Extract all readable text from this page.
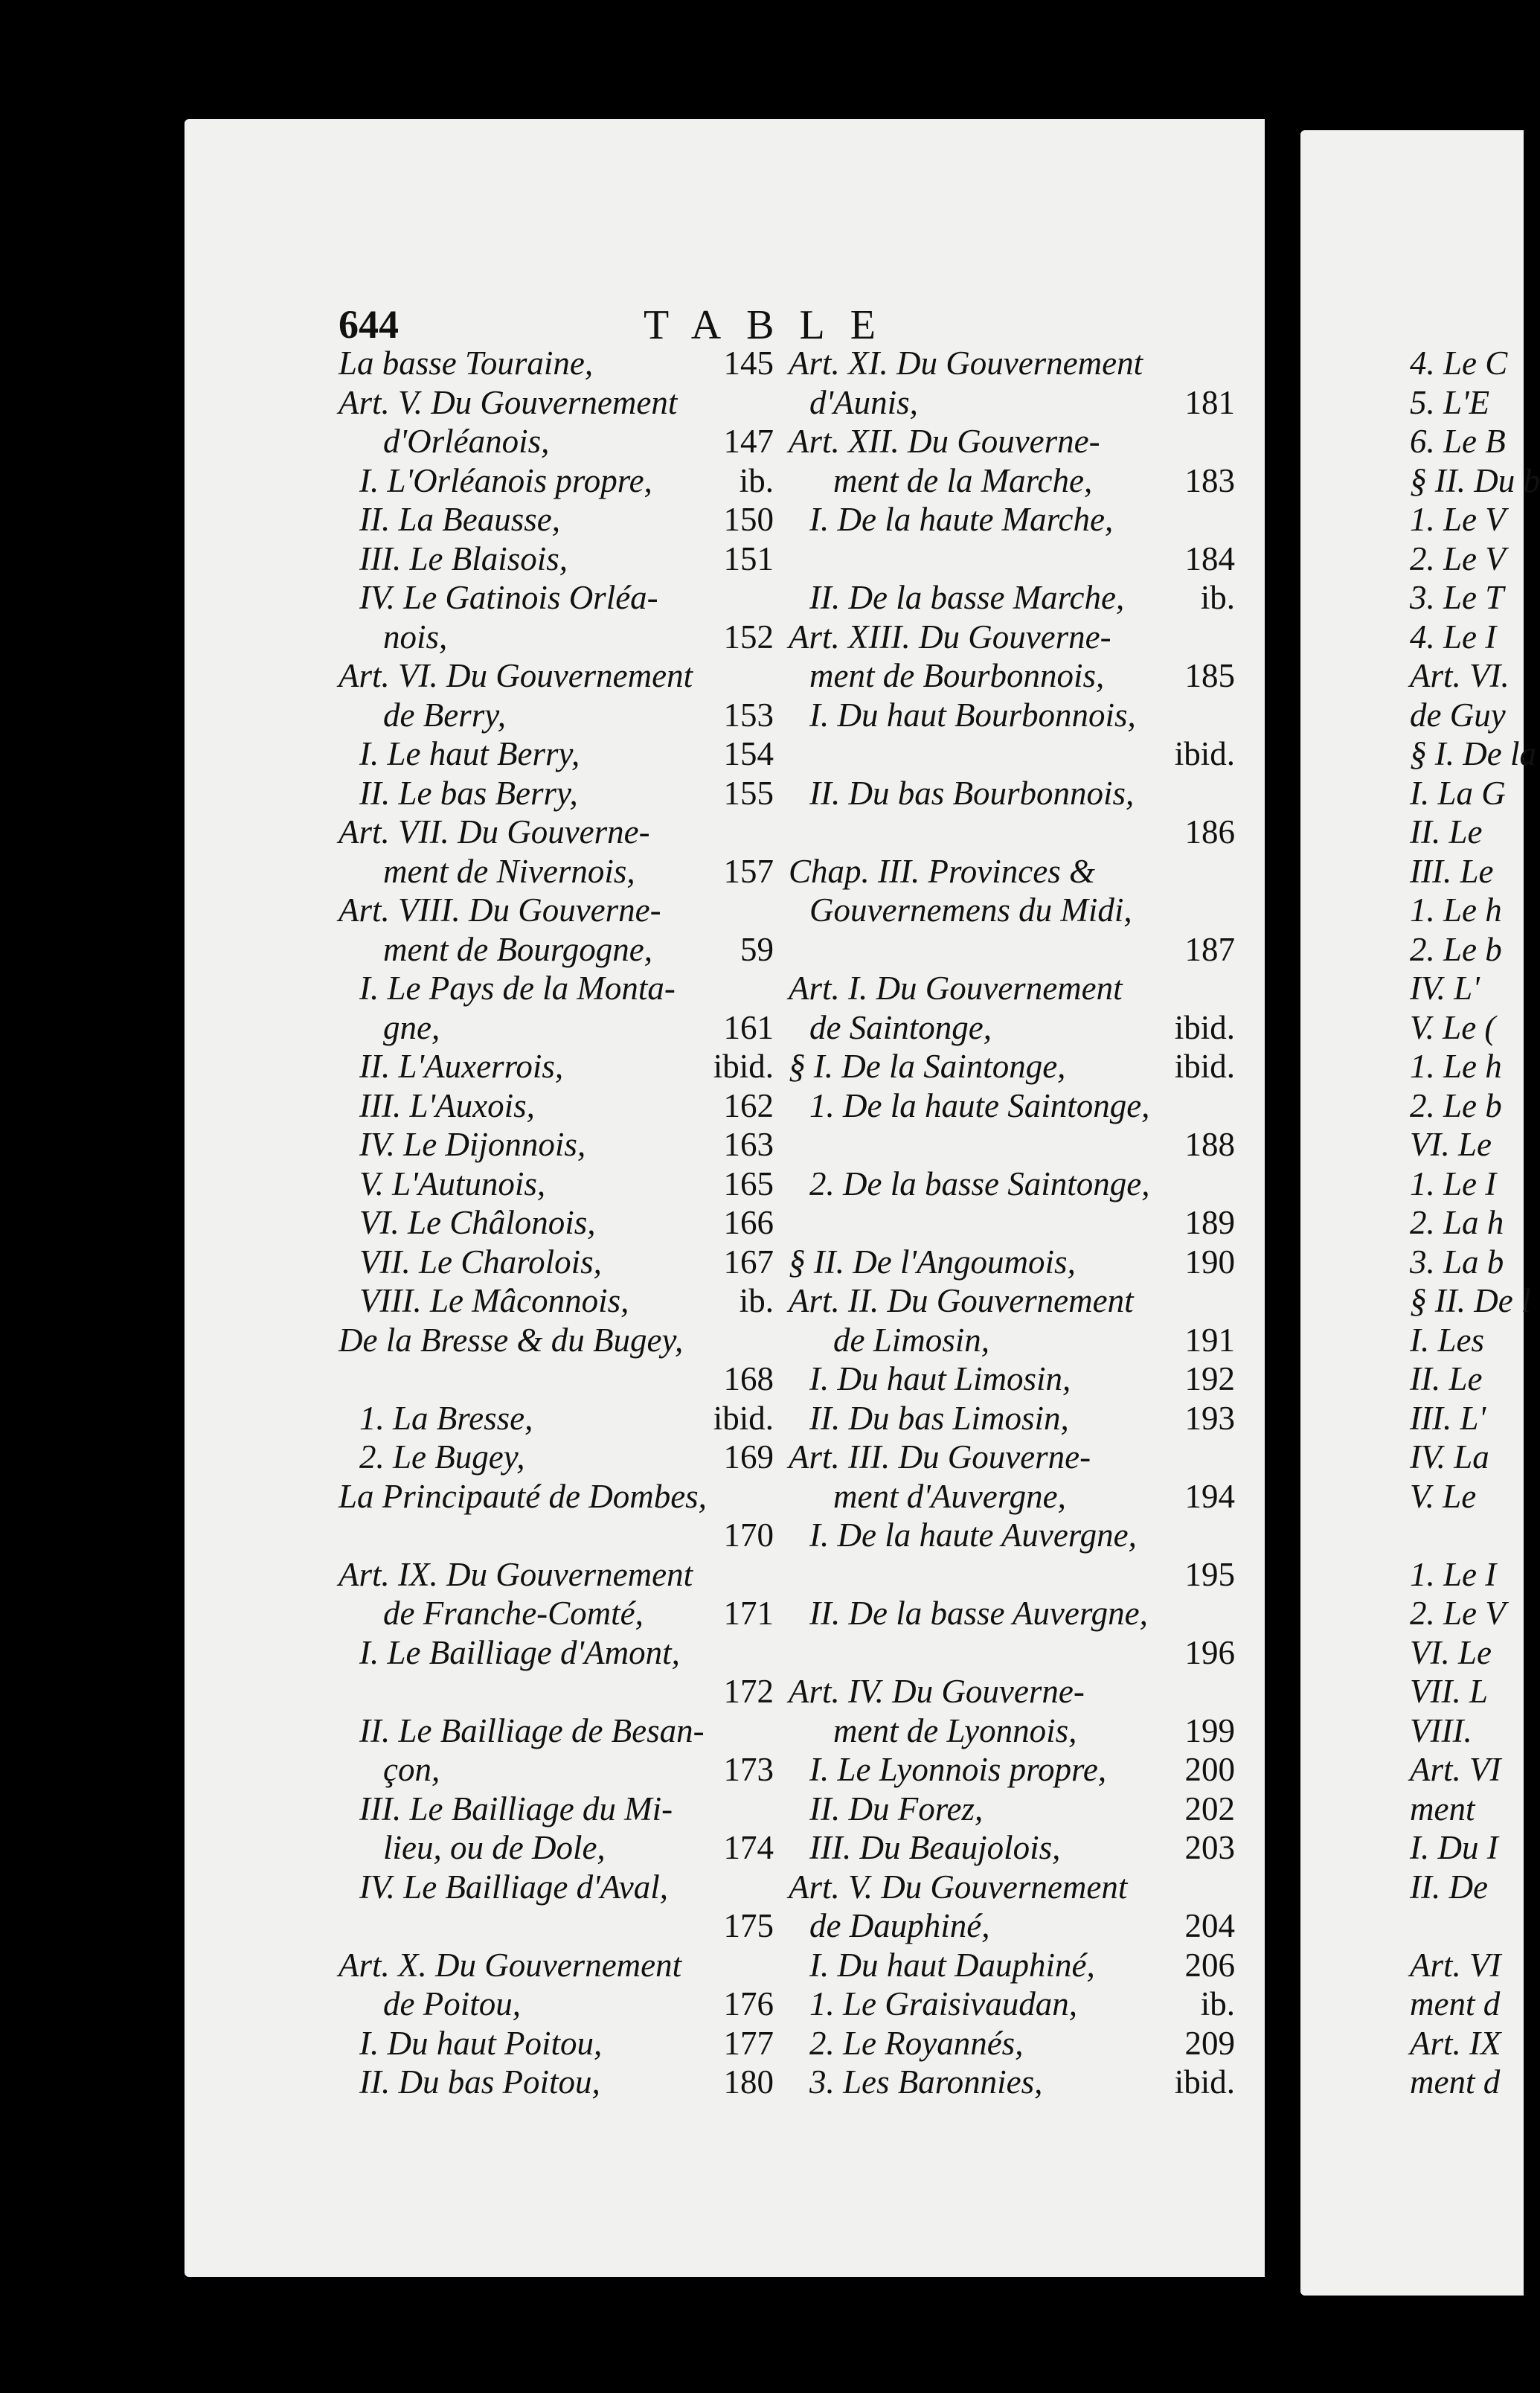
644	TABLE
La basse Touraine,	145
Art. V. Du Gouvernement
d'Orléanois,	147
I. L'Orléanois propre,	ib.
II. La Beausse,	150
III. Le Blaisois,	151
IV. Le Gatinois Orléa-
nois,	152
Art. VI. Du Gouvernement
de Berry,	153
I. Le haut Berry,	154
II. Le bas Berry,	155
Art. VII. Du Gouverne-
ment de Nivernois,	157
Art. VIII. Du Gouverne-
ment de Bourgogne,	59
I. Le Pays de la Monta-
gne,	161
II. L'Auxerrois,	ibid.
III. L'Auxois,	162
IV. Le Dijonnois,	163
V. L'Autunois,	165
VI. Le Châlonois,	166
VII. Le Charolois,	167
VIII. Le Mâconnois,	ib.
De la Bresse & du Bugey,
168
1. La Bresse,	ibid.
2. Le Bugey,	169
La Principauté de Dombes,
170
Art. IX. Du Gouvernement
de Franche-Comté, 171
I. Le Bailliage d'Amont,
172
II. Le Bailliage de Besan-
çon,	173
III. Le Bailliage du Mi-
lieu, ou de Dole,	174
IV. Le Bailliage d'Aval,
175
Art. X. Du Gouvernement
de Poitou,	176
I. Du haut Poitou,	177
II. Du bas Poitou,	180
Art. XI. Du Gouvernement
d'Aunis,	181
Art. XII. Du Gouverne-
ment de la Marche,	183
I. De la haute Marche,
184
II. De la basse Marche, ib.
Art. XIII. Du Gouverne-
ment de Bourbonnois, 185
I. Du haut Bourbonnois,
ibid.
II. Du bas Bourbonnois,
186
Chap. III. Provinces &
Gouvernemens du Midi,
187
Art. I. Du Gouvernement
de Saintonge,	ibid.
§ I. De la Saintonge,	ibid.
1. De la haute Saintonge,
188
2. De la basse Saintonge,
189
§ II. De l'Angoumois,	190
Art. II. Du Gouvernement
de Limosin,	191
I. Du haut Limosin,	192
II. Du bas Limosin,	193
Art. III. Du Gouverne-
ment d'Auvergne,	194
I. De la haute Auvergne,
195
II. De la basse Auvergne,
196
Art. IV. Du Gouverne-
ment de Lyonnois,	199
I. Le Lyonnois propre, 200
II. Du Forez,	202
III. Du Beaujolois,	203
Art. V. Du Gouvernement
de Dauphiné,	204
I. Du haut Dauphiné,	206
1. Le Graisivaudan,	ib.
2. Le Royannés,	209
3. Les Baronnies,	ibid.
4. Le C
5. L'E
6. Le B
§ II. Du b
1. Le V
2. Le V
3. Le T
4. Le I
Art. VI.
de Guy
§ I. De la
I. La G
II. Le
III. Le
1. Le h
2. Le b
IV. L'
V. Le (
1. Le h
2. Le b
VI. Le
1. Le I
2. La h
3. La b
§ II. De l
I. Les
II. Le
III. L'
IV. La
V. Le
1. Le I
2. Le V
VI. Le
VII. L
VIII.
Art. VI
ment
I. Du I
II. De
Art. VI
ment d
Art. IX
ment d
